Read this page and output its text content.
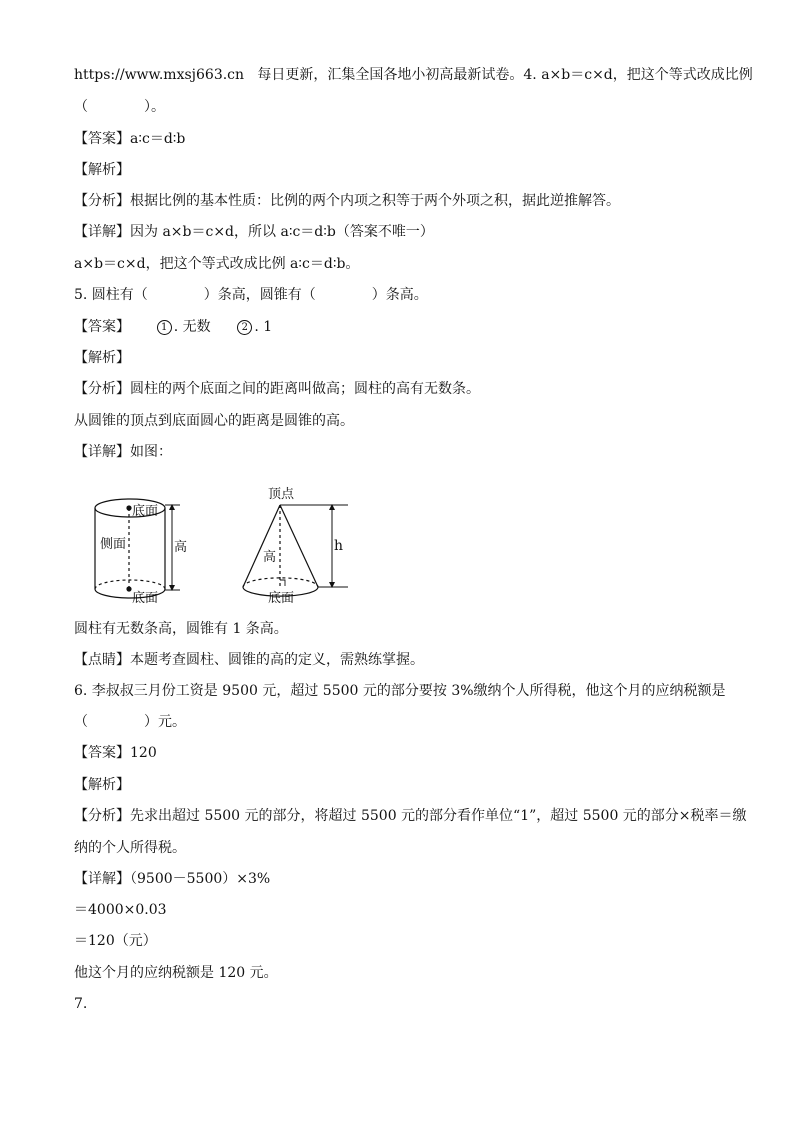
https://www.mxsj663.cn 每日更新，汇集全国各地小初高最新试卷。4. a×b＝c×d，把这个等式改成比例
（　　　　）。
【答案】a∶c＝d∶b
【解析】
【分析】根据比例的基本性质：比例的两个内项之积等于两个外项之积，据此逆推解答。
【详解】因为 a×b＝c×d，所以 a∶c＝d∶b（答案不唯一）
a×b＝c×d，把这个等式改成比例 a∶c＝d∶b。
5. 圆柱有（　　　　）条高，圆锥有（　　　　）条高。
【答案】	1 . 无数	2 . 1
【解析】
【分析】圆柱的两个底面之间的距离叫做高；圆柱的高有无数条。
从圆锥的顶点到底面圆心的距离是圆锥的高。
【详解】如图：
底面
侧面	高
底面
顶点
高
h
底面
圆柱有无数条高，圆锥有 1 条高。
【点睛】本题考查圆柱、圆锥的高的定义，需熟练掌握。
6. 李叔叔三月份工资是 9500 元，超过 5500 元的部分要按 3%缴纳个人所得税，他这个月的应纳税额是
（　　　　）元。
【答案】120
【解析】
【分析】先求出超过 5500 元的部分，将超过 5500 元的部分看作单位“1”，超过 5500 元的部分×税率＝缴
纳的个人所得税。
【详解】（9500－5500）×3%
＝4000×0.03
＝120（元）
他这个月的应纳税额是 120 元。
7.
